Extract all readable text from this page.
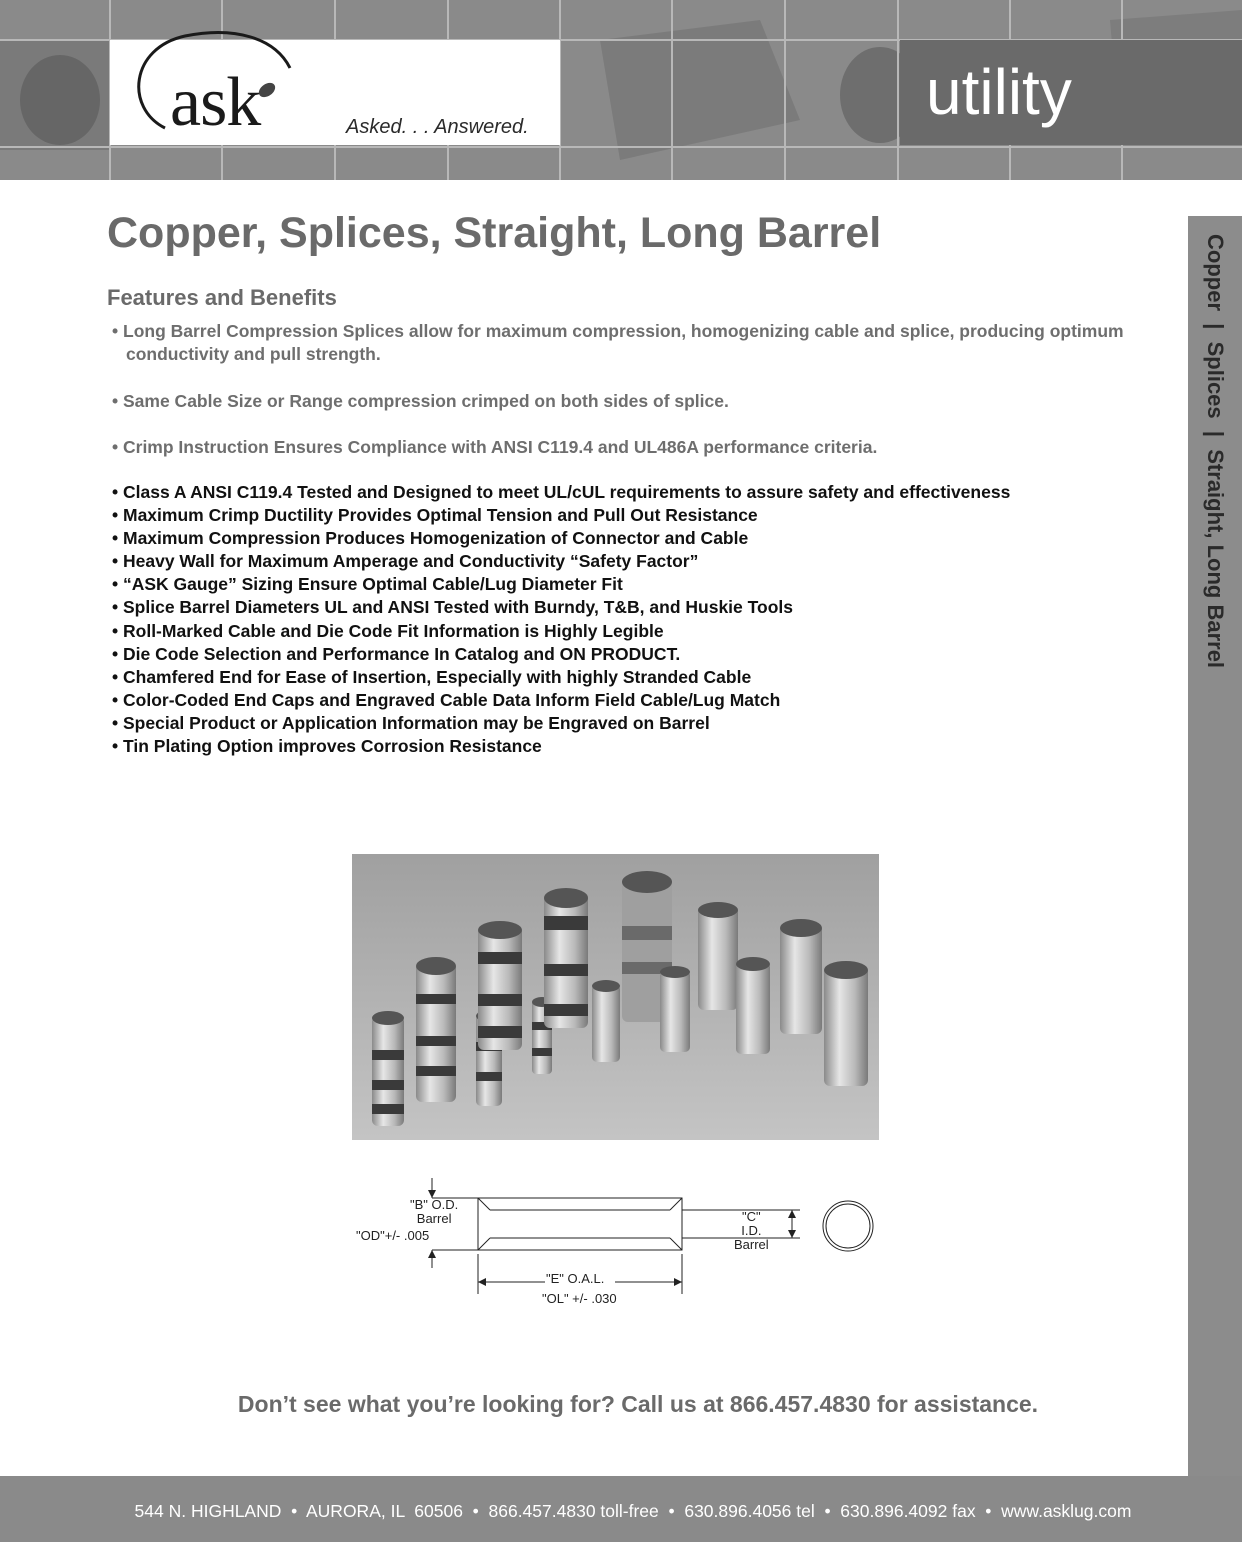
ask	Asked. . . Answered.	utility
Copper  |  Splices  |  Straight, Long Barrel
Copper, Splices, Straight, Long Barrel
Features and Benefits
• Long Barrel Compression Splices allow for maximum compression, homogenizing cable and splice, producing optimum conductivity and pull strength.
• Same Cable Size or Range compression crimped on both sides of splice.
• Crimp Instruction Ensures Compliance with ANSI C119.4 and UL486A performance criteria.
• Class A ANSI C119.4 Tested and Designed to meet UL/cUL requirements to assure safety and effectiveness
• Maximum Crimp Ductility Provides Optimal Tension and Pull Out Resistance
• Maximum Compression Produces Homogenization of Connector and Cable
• Heavy Wall for Maximum Amperage and Conductivity “Safety Factor”
• “ASK Gauge” Sizing Ensure Optimal Cable/Lug Diameter Fit
• Splice Barrel Diameters UL and ANSI Tested with Burndy, T&B, and Huskie Tools
• Roll-Marked Cable and Die Code Fit Information is Highly Legible
• Die Code Selection and Performance In Catalog and ON PRODUCT.
• Chamfered End for Ease of Insertion, Especially with highly Stranded Cable
• Color-Coded End Caps and Engraved Cable Data Inform Field Cable/Lug Match
• Special Product or Application Information may be Engraved on Barrel
• Tin Plating Option improves Corrosion Resistance
"B" O.D.
Barrel
"OD"+/- .005
"C"
I.D.
Barrel
"E" O.A.L.
"OL" +/- .030
Don’t see what you’re looking for? Call us at 866.457.4830 for assistance.
544 N. HIGHLAND  •  AURORA, IL  60506  •  866.457.4830 toll-free  •  630.896.4056 tel  •  630.896.4092 fax  •  www.asklug.com
